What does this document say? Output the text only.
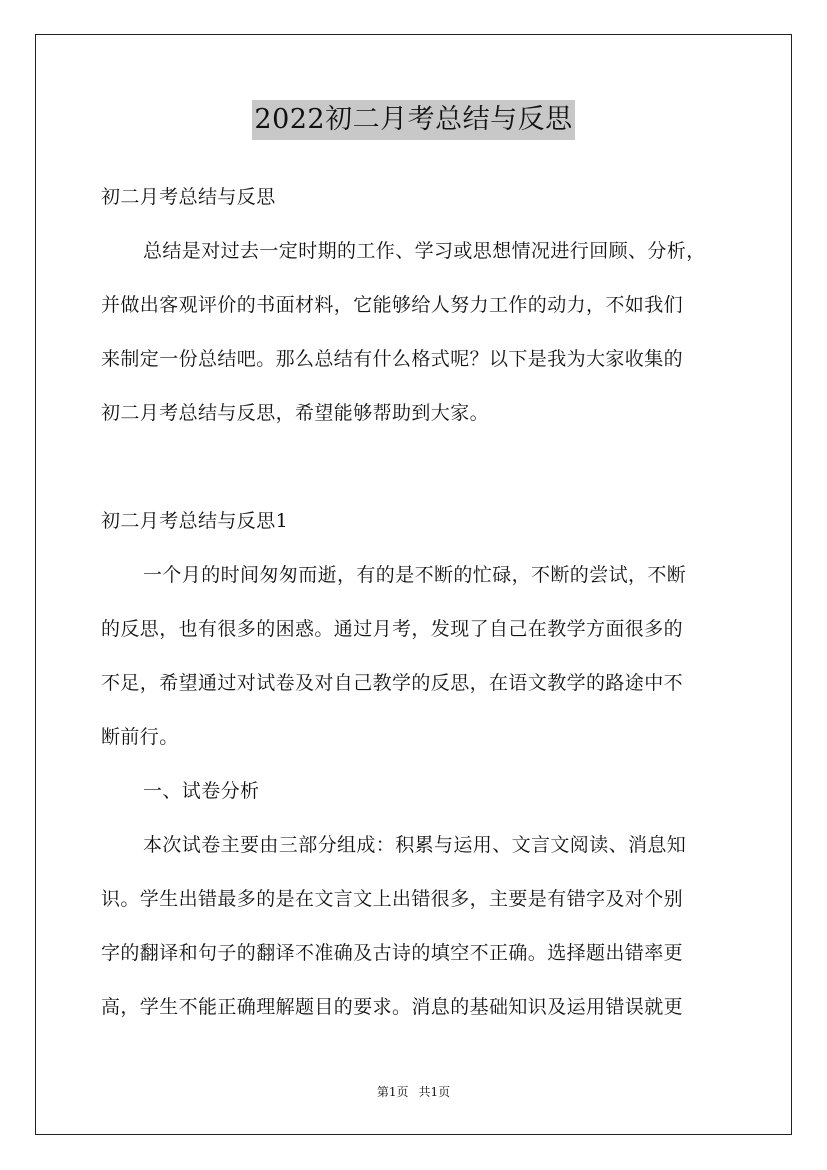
2022初二月考总结与反思
初二月考总结与反思
总结是对过去一定时期的工作、学习或思想情况进行回顾、分析，
并做出客观评价的书面材料，它能够给人努力工作的动力，不如我们
来制定一份总结吧。那么总结有什么格式呢？以下是我为大家收集的
初二月考总结与反思，希望能够帮助到大家。
初二月考总结与反思1
一个月的时间匆匆而逝，有的是不断的忙碌，不断的尝试，不断
的反思，也有很多的困惑。通过月考，发现了自己在教学方面很多的
不足，希望通过对试卷及对自己教学的反思，在语文教学的路途中不
断前行。
一、试卷分析
本次试卷主要由三部分组成：积累与运用、文言文阅读、消息知
识。学生出错最多的是在文言文上出错很多，主要是有错字及对个别
字的翻译和句子的翻译不准确及古诗的填空不正确。选择题出错率更
高，学生不能正确理解题目的要求。消息的基础知识及运用错误就更
第1页 共1页
